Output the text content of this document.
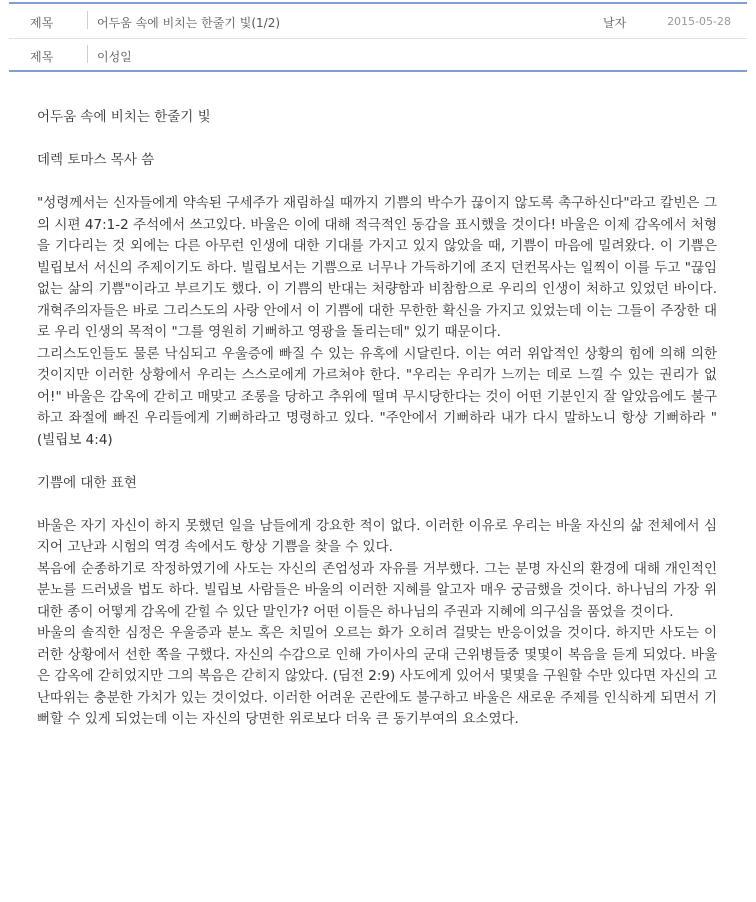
제목	어두움 속에 비치는 한줄기 빛(1/2)	날자	2015-05-28
제목	이성일

어두움 속에 비치는 한줄기 빛

데렉 토마스 목사 씀

"성령께서는 신자들에게 약속된 구세주가 재림하실 때까지 기쁨의 박수가 끊이지 않도록 촉구하신다"라고 칼빈은 그의 시편 47:1-2 주석에서 쓰고있다. 바울은 이에 대해 적극적인 동감을 표시했을 것이다! 바울은 이제 감옥에서 처형을 기다리는 것 외에는 다른 아무런 인생에 대한 기대를 가지고 있지 않았을 때, 기쁨이 마음에 밀려왔다. 이 기쁨은 빌립보서 서신의 주제이기도 하다. 빌립보서는 기쁨으로 너무나 가득하기에 조지 던컨목사는 일찍이 이를 두고 "끊임없는 삶의 기쁨"이라고 부르기도 했다. 이 기쁨의 반대는 처량함과 비참함으로 우리의 인생이 처하고 있었던 바이다. 개혁주의자들은 바로 그리스도의 사랑 안에서 이 기쁨에 대한 무한한 확신을 가지고 있었는데 이는 그들이 주장한 대로 우리 인생의 목적이 "그를 영원히 기뻐하고 영광을 돌리는데" 있기 때문이다.

그리스도인들도 물론 낙심되고 우울증에 빠질 수 있는 유혹에 시달린다. 이는 여러 위압적인 상황의 힘에 의해 의한 것이지만 이러한 상황에서 우리는 스스로에게 가르쳐야 한다. "우리는 우리가 느끼는 데로 느낄 수 있는 권리가 없어!" 바울은 감옥에 갇히고 매맞고 조롱을 당하고 추위에 떨며 무시당한다는 것이 어떤 기분인지 잘 알았음에도 불구하고 좌절에 빠진 우리들에게 기뻐하라고 명령하고 있다. "주안에서 기뻐하라 내가 다시 말하노니 항상 기뻐하라 " (빌립보 4:4)

기쁨에 대한 표현

바울은 자기 자신이 하지 못했던 일을 남들에게 강요한 적이 없다. 이러한 이유로 우리는 바울 자신의 삶 전체에서 심지어 고난과 시험의 역경 속에서도 항상 기쁨을 찾을 수 있다.

복음에 순종하기로 작정하였기에 사도는 자신의 존엄성과 자유를 거부했다. 그는 분명 자신의 환경에 대해 개인적인 분노를 드러냈을 법도 하다. 빌립보 사람들은 바울의 이러한 지혜를 알고자 매우 궁금했을 것이다. 하나님의 가장 위대한 종이 어떻게 감옥에 갇힐 수 있단 말인가? 어떤 이들은 하나님의 주권과 지혜에 의구심을 품었을 것이다.

바울의 솔직한 심정은 우울증과 분노 혹은 치밀어 오르는 화가 오히려 걸맞는 반응이었을 것이다. 하지만 사도는 이러한 상황에서 선한 쪽을 구했다. 자신의 수감으로 인해 가이사의 군대 근위병들중 몇몇이 복음을 듣게 되었다. 바울은 감옥에 갇히었지만 그의 복음은 갇히지 않았다. (딤전 2:9) 사도에게 있어서 몇몇을 구원할 수만 있다면 자신의 고난따위는 충분한 가치가 있는 것이었다. 이러한 어려운 곤란에도 불구하고 바울은 새로운 주제를 인식하게 되면서 기뻐할 수 있게 되었는데 이는 자신의 당면한 위로보다 더욱 큰 동기부여의 요소였다.
